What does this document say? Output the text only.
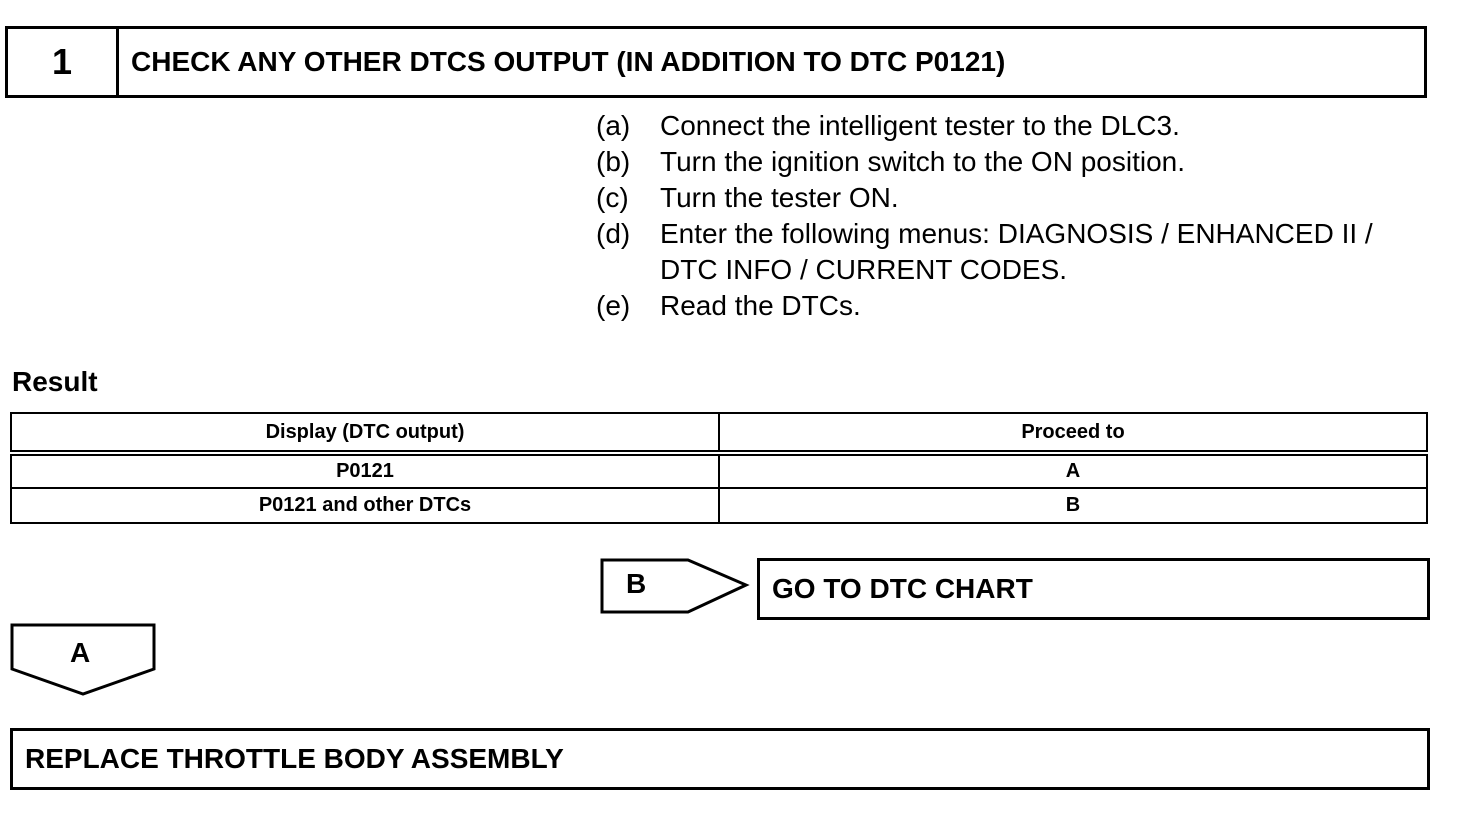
1	CHECK ANY OTHER DTCS OUTPUT (IN ADDITION TO DTC P0121)
(a)	Connect the intelligent tester to the DLC3.
(b)	Turn the ignition switch to the ON position.
(c)	Turn the tester ON.
(d)	Enter the following menus: DIAGNOSIS / ENHANCED II / DTC INFO / CURRENT CODES.
(e)	Read the DTCs.
Result
Display (DTC output)	Proceed to
P0121	A
P0121 and other DTCs	B
B	GO TO DTC CHART
A
REPLACE THROTTLE BODY ASSEMBLY
